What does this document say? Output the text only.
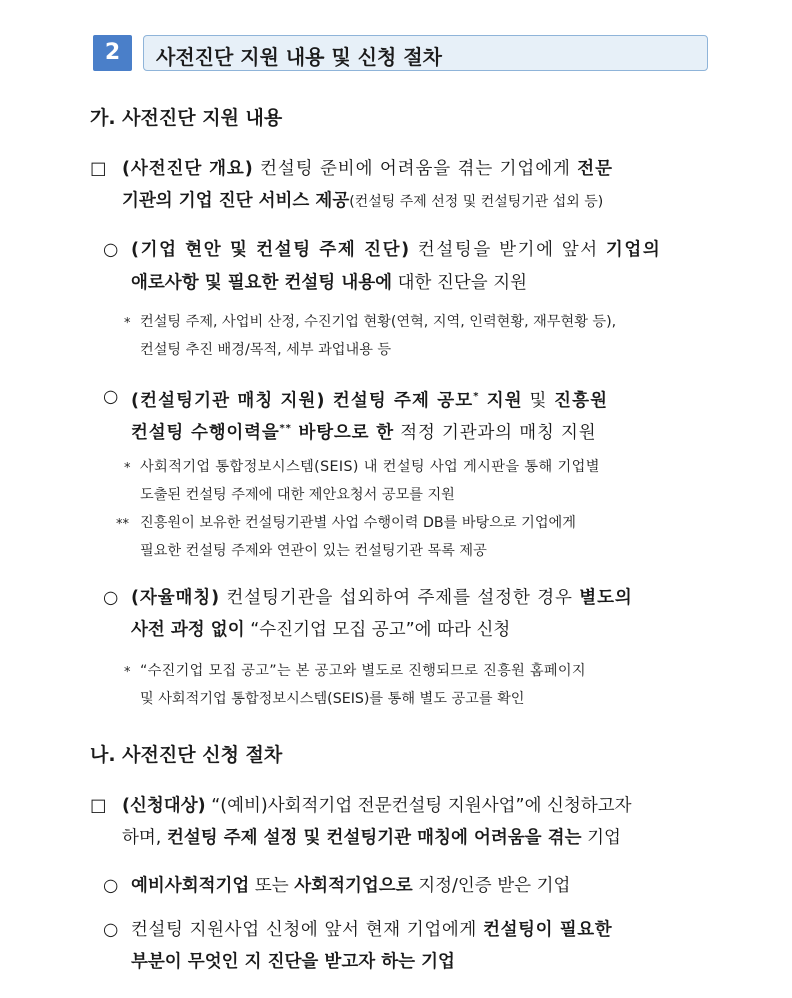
2	사전진단 지원 내용 및 신청 절차
가. 사전진단 지원 내용
□ (사전진단 개요) 컨설팅 준비에 어려움을 겪는 기업에게 전문
기관의 기업 진단 서비스 제공(컨설팅 주제 선정 및 컨설팅기관 섭외 등)
○ (기업 현안 및 컨설팅 주제 진단) 컨설팅을 받기에 앞서 기업의
애로사항 및 필요한 컨설팅 내용에 대한 진단을 지원
* 컨설팅 주제, 사업비 산정, 수진기업 현황(연혁, 지역, 인력현황, 재무현황 등),
컨설팅 추진 배경/목적, 세부 과업내용 등
○ (컨설팅기관 매칭 지원) 컨설팅 주제 공모* 지원 및 진흥원
컨설팅 수행이력을** 바탕으로 한 적정 기관과의 매칭 지원
* 사회적기업 통합정보시스템(SEIS) 내 컨설팅 사업 게시판을 통해 기업별
도출된 컨설팅 주제에 대한 제안요청서 공모를 지원
** 진흥원이 보유한 컨설팅기관별 사업 수행이력 DB를 바탕으로 기업에게
필요한 컨설팅 주제와 연관이 있는 컨설팅기관 목록 제공
○ (자율매칭) 컨설팅기관을 섭외하여 주제를 설정한 경우 별도의
사전 과정 없이 “수진기업 모집 공고”에 따라 신청
* “수진기업 모집 공고”는 본 공고와 별도로 진행되므로 진흥원 홈페이지
및 사회적기업 통합정보시스템(SEIS)를 통해 별도 공고를 확인
나. 사전진단 신청 절차
□ (신청대상) “(예비)사회적기업 전문컨설팅 지원사업”에 신청하고자
하며, 컨설팅 주제 설정 및 컨설팅기관 매칭에 어려움을 겪는 기업
○ 예비사회적기업 또는 사회적기업으로 지정/인증 받은 기업
○ 컨설팅 지원사업 신청에 앞서 현재 기업에게 컨설팅이 필요한
부분이 무엇인 지 진단을 받고자 하는 기업
